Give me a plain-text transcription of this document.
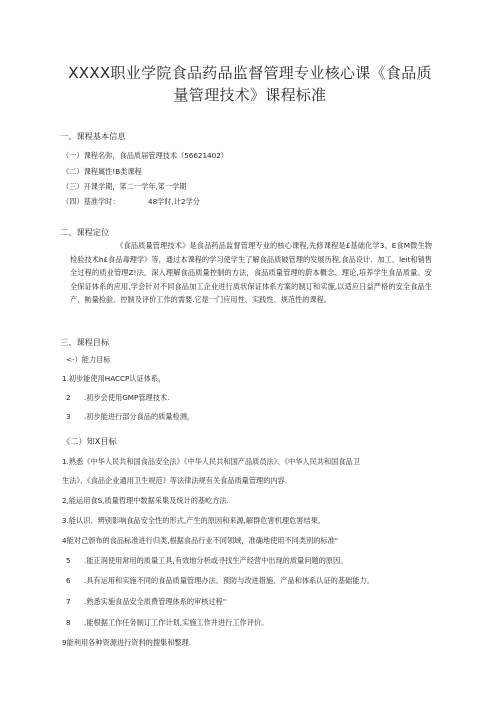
XXXX职业学院食品药品监督管理专业核心课《食品质
量管理技术》课程标准
一、课程基本信息
（一）课程名弥，食品质届管理技术（56621402）
《二）课程属性!B类课程
（三）开课学期，笫二一学年,笫一学期
（四）基准学时：	48学时,计2学分
二、课程定位
《食品质量管理技术》是食品药品监督管理专业的核心课程,先修课程是£基础化学3、E食M微生物检验技术h£食品毒理学》等，通过本课程的学习使学生了解食品质破管理的发展历程,食品设计、加工、leit和销售全过程的质业管理Z!法，深入理解食品质量控制的方法，食品质量管理的蔚本概念、理论,培养学生食品质量、安全保证体系的应用,学会针对不同食品加工企业进行质状保证体系方案的制订和实施,以适应日益严格的安全食品生产、鲂量检验、控制及评价工作的需要.它是一门应用性、实践性、规范性的课程。
三、课程目标
<-）能力目标
1.初步能使用HACCP认证体系，
2 .初步会使用GMP管理技术.
3 .初步能进行部分食品的质量检测，
《二）知X目标
1.熟悉《中华人民共和国食品安全法》《中华人民共和国产品质员法》、《中华人民共和国食品卫
生法》、《食品企业通用卫生规范》等法律法规有关食品质量管理的内容.
2,能运用食S,质量哲理中数据采集及统计的基屹方法.
3.能认识、辨别影响食品安全性的形式,产生的原因和来源,解群危害机理危害结果。
4能对己颁布的食品标准进行归类,根据食品行业不同领域，准确地使用不同类别的标准"
5 .能正润使用常用的质量工具,有效地分析或寻找生产经营中出现的质量问题的原因。
6 .具有运用和实施不同的食品质量管理办法、预防与改进措施、产品和体系认证的基础能力。
7 .熟悉实施食品安全质费管理体系的审核过程"
8 .能根据工作任务制订工作计划,实施工作并进行工作评价。
9能利用各种资源进行资料的搜集和整理.
